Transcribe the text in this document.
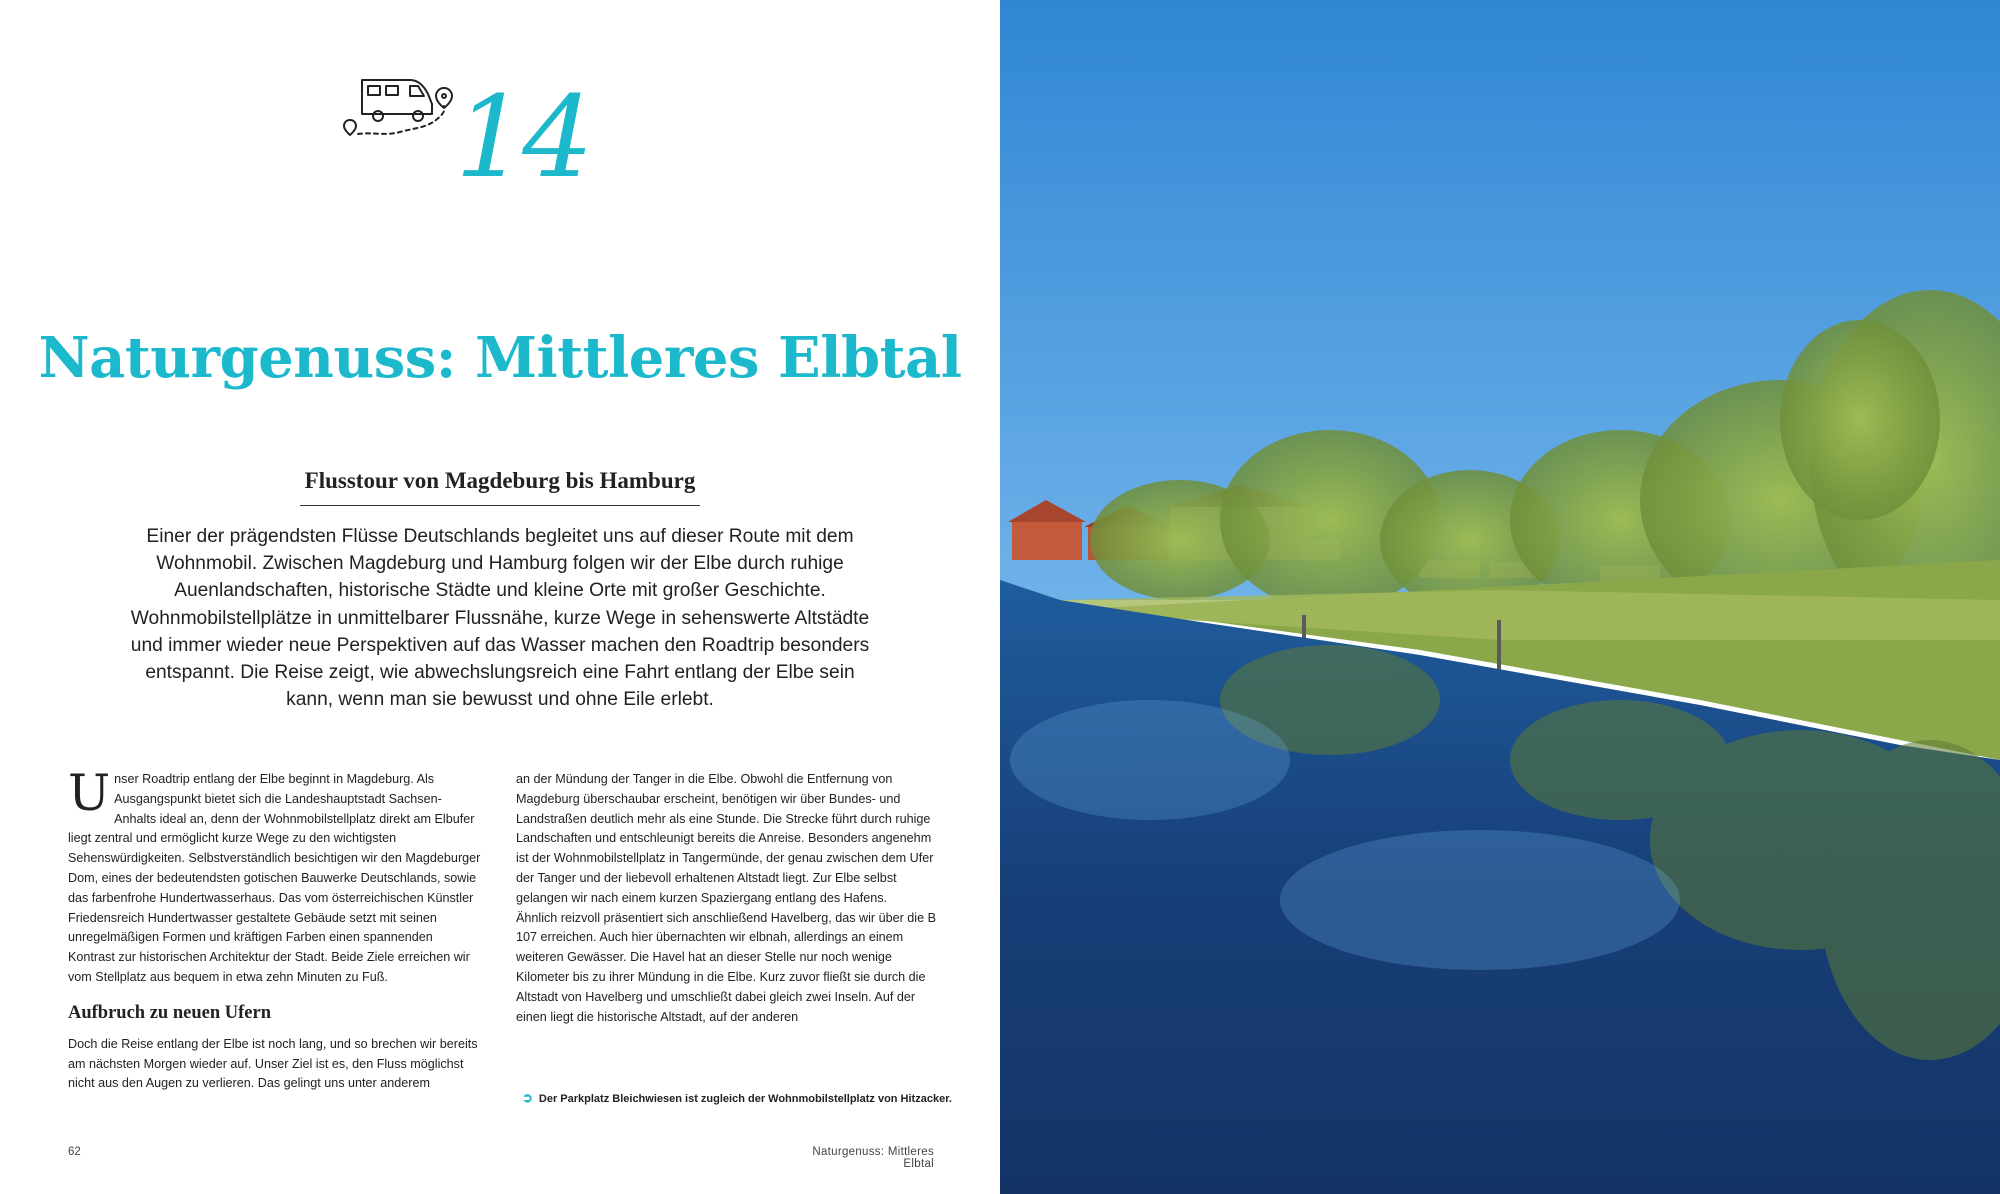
14
Naturgenuss: Mittleres Elbtal
Flusstour von Magdeburg bis Hamburg

Einer der prägendsten Flüsse Deutschlands begleitet uns auf dieser Route mit dem Wohnmobil. Zwischen Magdeburg und Hamburg folgen wir der Elbe durch ruhige Auenlandschaften, historische Städte und kleine Orte mit großer Geschichte. Wohnmobilstellplätze in unmittelbarer Flussnähe, kurze Wege in sehenswerte Altstädte und immer wieder neue Perspektiven auf das Wasser machen den Roadtrip besonders entspannt. Die Reise zeigt, wie abwechslungsreich eine Fahrt entlang der Elbe sein kann, wenn man sie bewusst und ohne Eile erlebt.

Unser Roadtrip entlang der Elbe beginnt in Magdeburg. Als Ausgangspunkt bietet sich die Landeshauptstadt Sachsen-Anhalts ideal an, denn der Wohnmobilstellplatz direkt am Elbufer liegt zentral und ermöglicht kurze Wege zu den wichtigsten Sehenswürdigkeiten. Selbstverständlich besichtigen wir den Magdeburger Dom, eines der bedeutendsten gotischen Bauwerke Deutschlands, sowie das farbenfrohe Hundertwasserhaus. Das vom österreichischen Künstler Friedensreich Hundertwasser gestaltete Gebäude setzt mit seinen unregelmäßigen Formen und kräftigen Farben einen spannenden Kontrast zur historischen Architektur der Stadt. Beide Ziele erreichen wir vom Stellplatz aus bequem in etwa zehn Minuten zu Fuß.

Aufbruch zu neuen Ufern

Doch die Reise entlang der Elbe ist noch lang, und so brechen wir bereits am nächsten Morgen wieder auf. Unser Ziel ist es, den Fluss möglichst nicht aus den Augen zu verlieren. Das gelingt uns unter anderem

an der Mündung der Tanger in die Elbe. Obwohl die Entfernung von Magdeburg überschaubar erscheint, benötigen wir über Bundes- und Landstraßen deutlich mehr als eine Stunde. Die Strecke führt durch ruhige Landschaften und entschleunigt bereits die Anreise. Besonders angenehm ist der Wohnmobilstellplatz in Tangermünde, der genau zwischen dem Ufer der Tanger und der liebevoll erhaltenen Altstadt liegt. Zur Elbe selbst gelangen wir nach einem kurzen Spaziergang entlang des Hafens.

Ähnlich reizvoll präsentiert sich anschließend Havelberg, das wir über die B 107 erreichen. Auch hier übernachten wir elbnah, allerdings an einem weiteren Gewässer. Die Havel hat an dieser Stelle nur noch wenige Kilometer bis zu ihrer Mündung in die Elbe. Kurz zuvor fließt sie durch die Altstadt von Havelberg und umschließt dabei gleich zwei Inseln. Auf der einen liegt die historische Altstadt, auf der anderen

➲ Der Parkplatz Bleichwiesen ist zugleich der Wohnmobilstellplatz von Hitzacker.
62	Naturgenuss: Mittleres Elbtal
